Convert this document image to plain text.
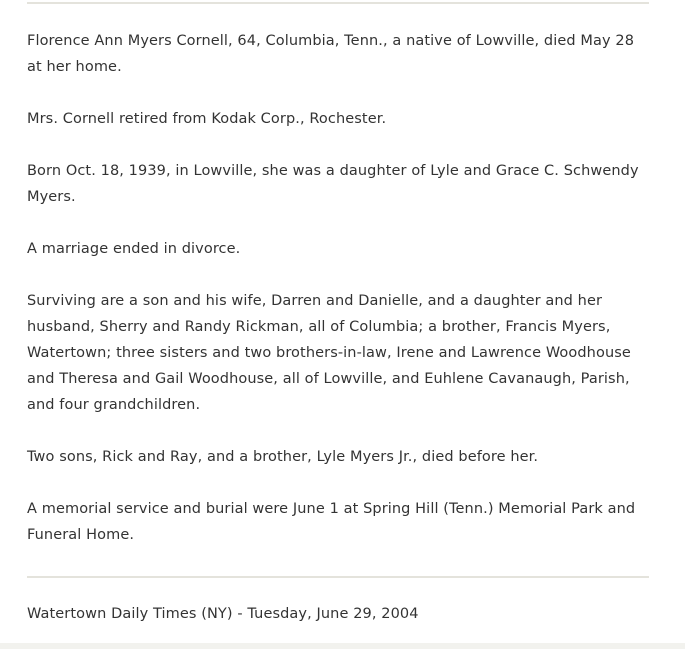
Florence Ann Myers Cornell, 64, Columbia, Tenn., a native of Lowville, died May 28 at her home.

Mrs. Cornell retired from Kodak Corp., Rochester.

Born Oct. 18, 1939, in Lowville, she was a daughter of Lyle and Grace C. Schwendy Myers.

A marriage ended in divorce.

Surviving are a son and his wife, Darren and Danielle, and a daughter and her husband, Sherry and Randy Rickman, all of Columbia; a brother, Francis Myers, Watertown; three sisters and two brothers-in-law, Irene and Lawrence Woodhouse and Theresa and Gail Woodhouse, all of Lowville, and Euhlene Cavanaugh, Parish, and four grandchildren.

Two sons, Rick and Ray, and a brother, Lyle Myers Jr., died before her.

A memorial service and burial were June 1 at Spring Hill (Tenn.) Memorial Park and Funeral Home.

Watertown Daily Times (NY) - Tuesday, June 29, 2004
